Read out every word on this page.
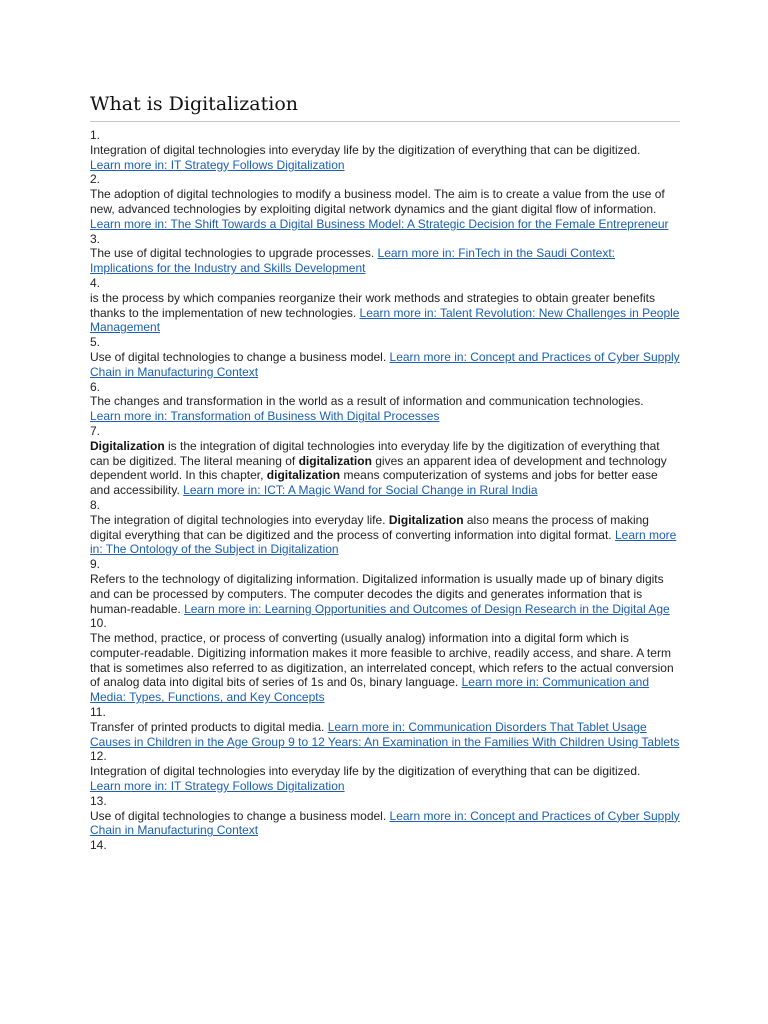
What is Digitalization
1.
Integration of digital technologies into everyday life by the digitization of everything that can be digitized.
Learn more in: IT Strategy Follows Digitalization
2.
The adoption of digital technologies to modify a business model. The aim is to create a value from the use of new, advanced technologies by exploiting digital network dynamics and the giant digital flow of information. Learn more in: The Shift Towards a Digital Business Model: A Strategic Decision for the Female Entrepreneur
3.
The use of digital technologies to upgrade processes. Learn more in: FinTech in the Saudi Context: Implications for the Industry and Skills Development
4.
is the process by which companies reorganize their work methods and strategies to obtain greater benefits thanks to the implementation of new technologies. Learn more in: Talent Revolution: New Challenges in People Management
5.
Use of digital technologies to change a business model. Learn more in: Concept and Practices of Cyber Supply Chain in Manufacturing Context
6.
The changes and transformation in the world as a result of information and communication technologies.
Learn more in: Transformation of Business With Digital Processes
7.
Digitalization is the integration of digital technologies into everyday life by the digitization of everything that can be digitized. The literal meaning of digitalization gives an apparent idea of development and technology dependent world. In this chapter, digitalization means computerization of systems and jobs for better ease and accessibility. Learn more in: ICT: A Magic Wand for Social Change in Rural India
8.
The integration of digital technologies into everyday life. Digitalization also means the process of making digital everything that can be digitized and the process of converting information into digital format. Learn more in: The Ontology of the Subject in Digitalization
9.
Refers to the technology of digitalizing information. Digitalized information is usually made up of binary digits and can be processed by computers. The computer decodes the digits and generates information that is human-readable. Learn more in: Learning Opportunities and Outcomes of Design Research in the Digital Age
10.
The method, practice, or process of converting (usually analog) information into a digital form which is computer-readable. Digitizing information makes it more feasible to archive, readily access, and share. A term that is sometimes also referred to as digitization, an interrelated concept, which refers to the actual conversion of analog data into digital bits of series of 1s and 0s, binary language. Learn more in: Communication and Media: Types, Functions, and Key Concepts
11.
Transfer of printed products to digital media. Learn more in: Communication Disorders That Tablet Usage Causes in Children in the Age Group 9 to 12 Years: An Examination in the Families With Children Using Tablets
12.
Integration of digital technologies into everyday life by the digitization of everything that can be digitized.
Learn more in: IT Strategy Follows Digitalization
13.
Use of digital technologies to change a business model. Learn more in: Concept and Practices of Cyber Supply Chain in Manufacturing Context
14.
